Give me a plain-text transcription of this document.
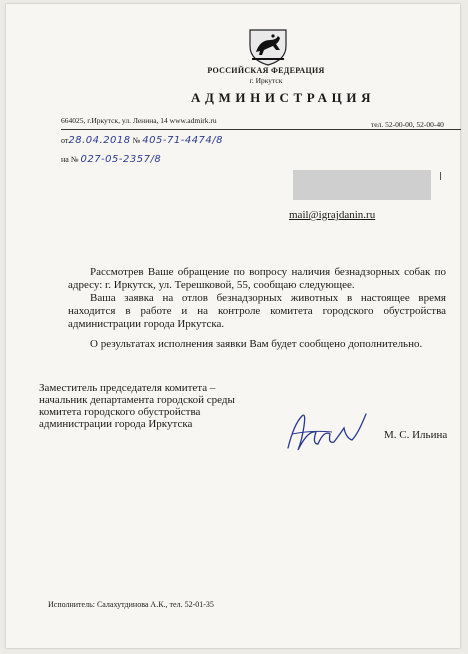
РОССИЙСКАЯ ФЕДЕРАЦИЯ
г. Иркутск
АДМИНИСТРАЦИЯ
664025, г.Иркутск, ул. Ленина, 14 www.admirk.ru	тел. 52-00-00, 52-00-40
от28.04.2018 № 405-71-4474/8
на № 027-05-2357/8
mail@igrajdanin.ru

Рассмотрев Ваше обращение по вопросу наличия безнадзорных собак по адресу: г. Иркутск, ул. Терешковой, 55, сообщаю следующее.

Ваша заявка на отлов безнадзорных животных в настоящее время находится в работе и на контроле комитета городского обустройства администрации города Иркутска.

О результатах исполнения заявки Вам будет сообщено дополнительно.

Заместитель председателя комитета –
начальник департамента городской среды
комитета городского обустройства
администрации города Иркутска
М. С. Ильина
Исполнитель: Салахутдинова А.К., тел. 52-01-35
